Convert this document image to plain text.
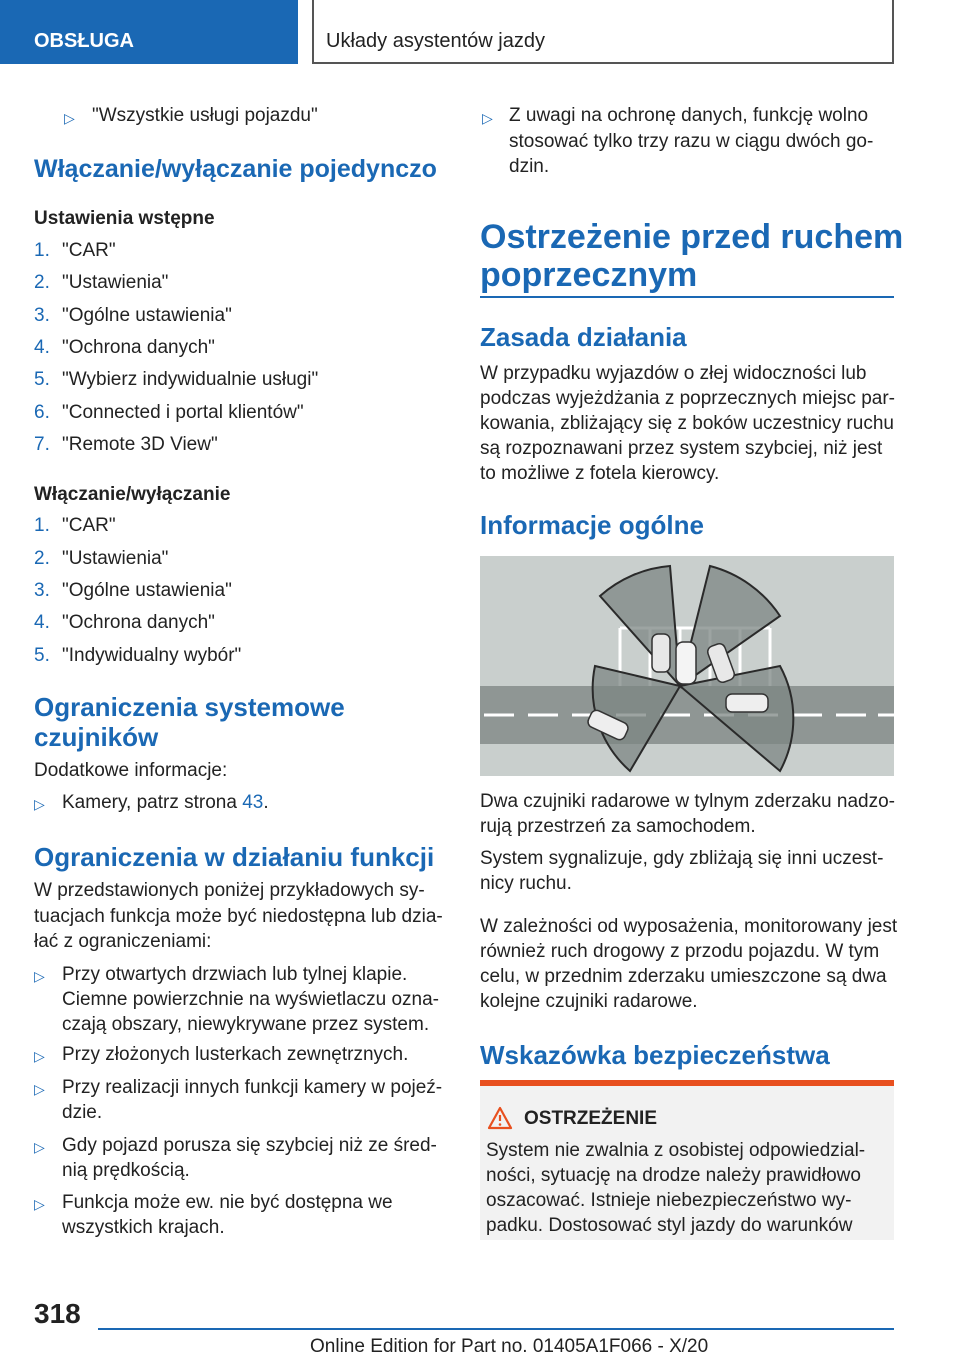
OBSŁUGA	Układy asystentów jazdy
▷ "Wszystkie usługi pojazdu"
Włączanie/wyłączanie pojedynczo
Ustawienia wstępne
1. "CAR"
2. "Ustawienia"
3. "Ogólne ustawienia"
4. "Ochrona danych"
5. "Wybierz indywidualnie usługi"
6. "Connected i portal klientów"
7. "Remote 3D View"
Włączanie/wyłączanie
1. "CAR"
2. "Ustawienia"
3. "Ogólne ustawienia"
4. "Ochrona danych"
5. "Indywidualny wybór"
Ograniczenia systemowe
czujników
Dodatkowe informacje:
▷ Kamery, patrz strona 43.
Ograniczenia w działaniu funkcji
W przedstawionych poniżej przykładowych sy-
tuacjach funkcja może być niedostępna lub dzia-
łać z ograniczeniami:
▷ Przy otwartych drzwiach lub tylnej klapie.
Ciemne powierzchnie na wyświetlaczu ozna-
czają obszary, niewykrywane przez system.
▷ Przy złożonych lusterkach zewnętrznych.
▷ Przy realizacji innych funkcji kamery w pojeź-
dzie.
▷ Gdy pojazd porusza się szybciej niż ze śred-
nią prędkością.
▷ Funkcja może ew. nie być dostępna we
wszystkich krajach.
▷ Z uwagi na ochronę danych, funkcję wolno
stosować tylko trzy razu w ciągu dwóch go-
dzin.
Ostrzeżenie przed ruchem
poprzecznym
Zasada działania
W przypadku wyjazdów o złej widoczności lub
podczas wyjeżdżania z poprzecznych miejsc par-
kowania, zbliżający się z boków uczestnicy ruchu
są rozpoznawani przez system szybciej, niż jest
to możliwe z fotela kierowcy.
Informacje ogólne
Dwa czujniki radarowe w tylnym zderzaku nadzo-
rują przestrzeń za samochodem.
System sygnalizuje, gdy zbliżają się inni uczest-
nicy ruchu.
W zależności od wyposażenia, monitorowany jest
również ruch drogowy z przodu pojazdu. W tym
celu, w przednim zderzaku umieszczone są dwa
kolejne czujniki radarowe.
Wskazówka bezpieczeństwa
OSTRZEŻENIE
System nie zwalnia z osobistej odpowiedzial-
ności, sytuację na drodze należy prawidłowo
oszacować. Istnieje niebezpieczeństwo wy-
padku. Dostosować styl jazdy do warunków
318
Online Edition for Part no. 01405A1F066 - X/20
